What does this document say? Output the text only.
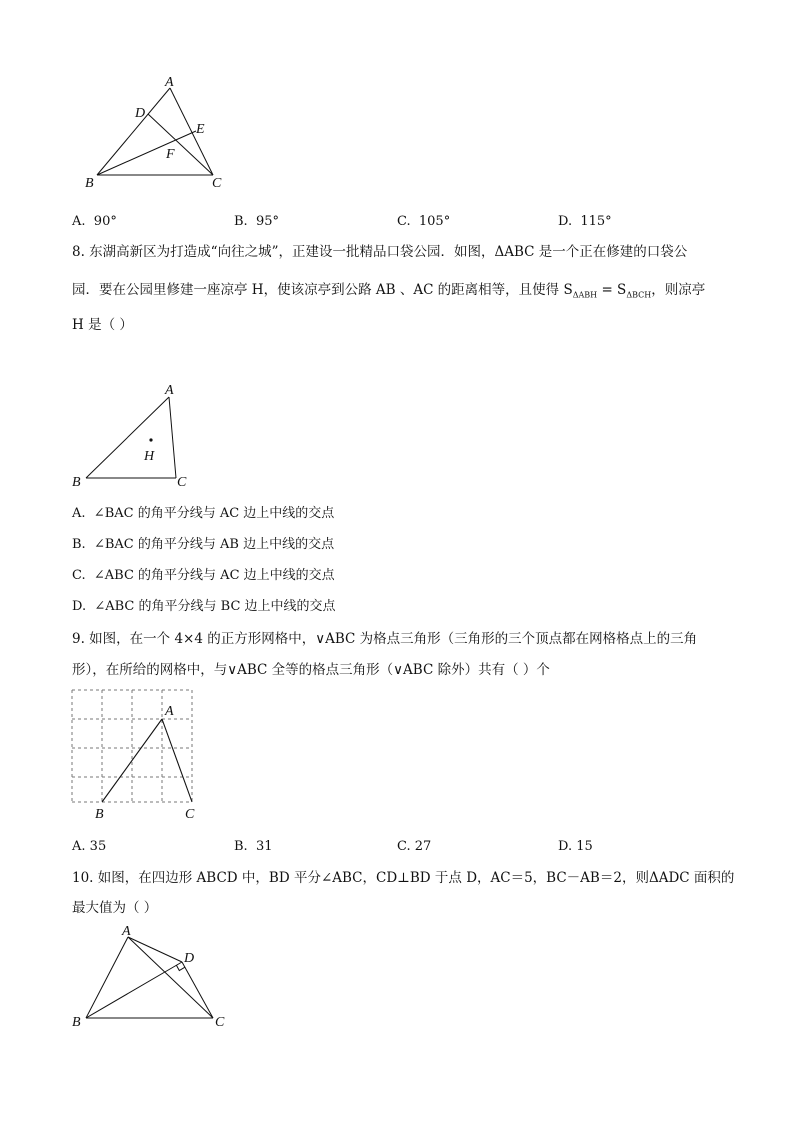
A
D
E
F
B	C
A. 90°	B. 95°	C. 105°	D. 115°
8. 东湖高新区为打造成“向往之城”，正建设一批精品口袋公园．如图，ΔABC 是一个正在修建的口袋公
园．要在公园里修建一座凉亭 H，使该凉亭到公路 AB 、AC 的距离相等，且使得 $S_{\Delta ABH} = S_{\Delta BCH}$，则凉亭
H 是（ ）
A
H
B	C
A. ∠BAC 的角平分线与 AC 边上中线的交点
B. ∠BAC 的角平分线与 AB 边上中线的交点
C. ∠ABC 的角平分线与 AC 边上中线的交点
D. ∠ABC 的角平分线与 BC 边上中线的交点
9. 如图，在一个 4×4 的正方形网格中，∨ABC 为格点三角形（三角形的三个顶点都在网格格点上的三角
形），在所给的网格中，与∨ABC 全等的格点三角形（∨ABC 除外）共有（ ）个
A
B	C
A. 35	B. 31	C. 27	D. 15
10. 如图，在四边形 ABCD 中，BD 平分∠ABC，CD⊥BD 于点 D，AC＝5，BC－AB＝2，则ΔADC 面积的
最大值为（ ）
A
D
B	C
